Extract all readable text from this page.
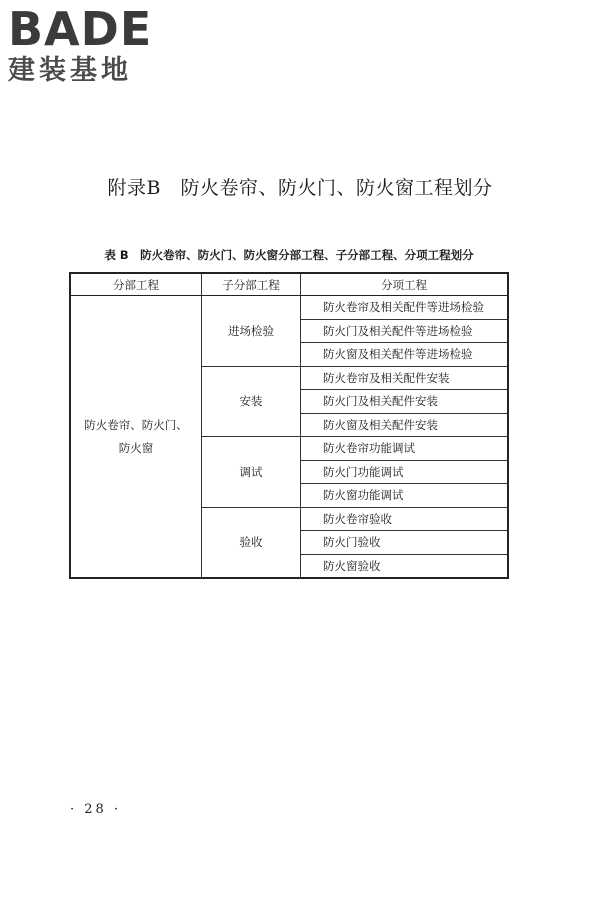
BADE
建装基地
附录B　防火卷帘、防火门、防火窗工程划分
表 B　防火卷帘、防火门、防火窗分部工程、子分部工程、分项工程划分
分部工程	子分部工程	分项工程

防火卷帘、防火门、
防火窗	进场检验	防火卷帘及相关配件等进场检验
		防火门及相关配件等进场检验
		防火窗及相关配件等进场检验
	安装	防火卷帘及相关配件安装
		防火门及相关配件安装
		防火窗及相关配件安装
	调试	防火卷帘功能调试
		防火门功能调试
		防火窗功能调试
	验收	防火卷帘验收
		防火门验收
		防火窗验收
· 28 ·
